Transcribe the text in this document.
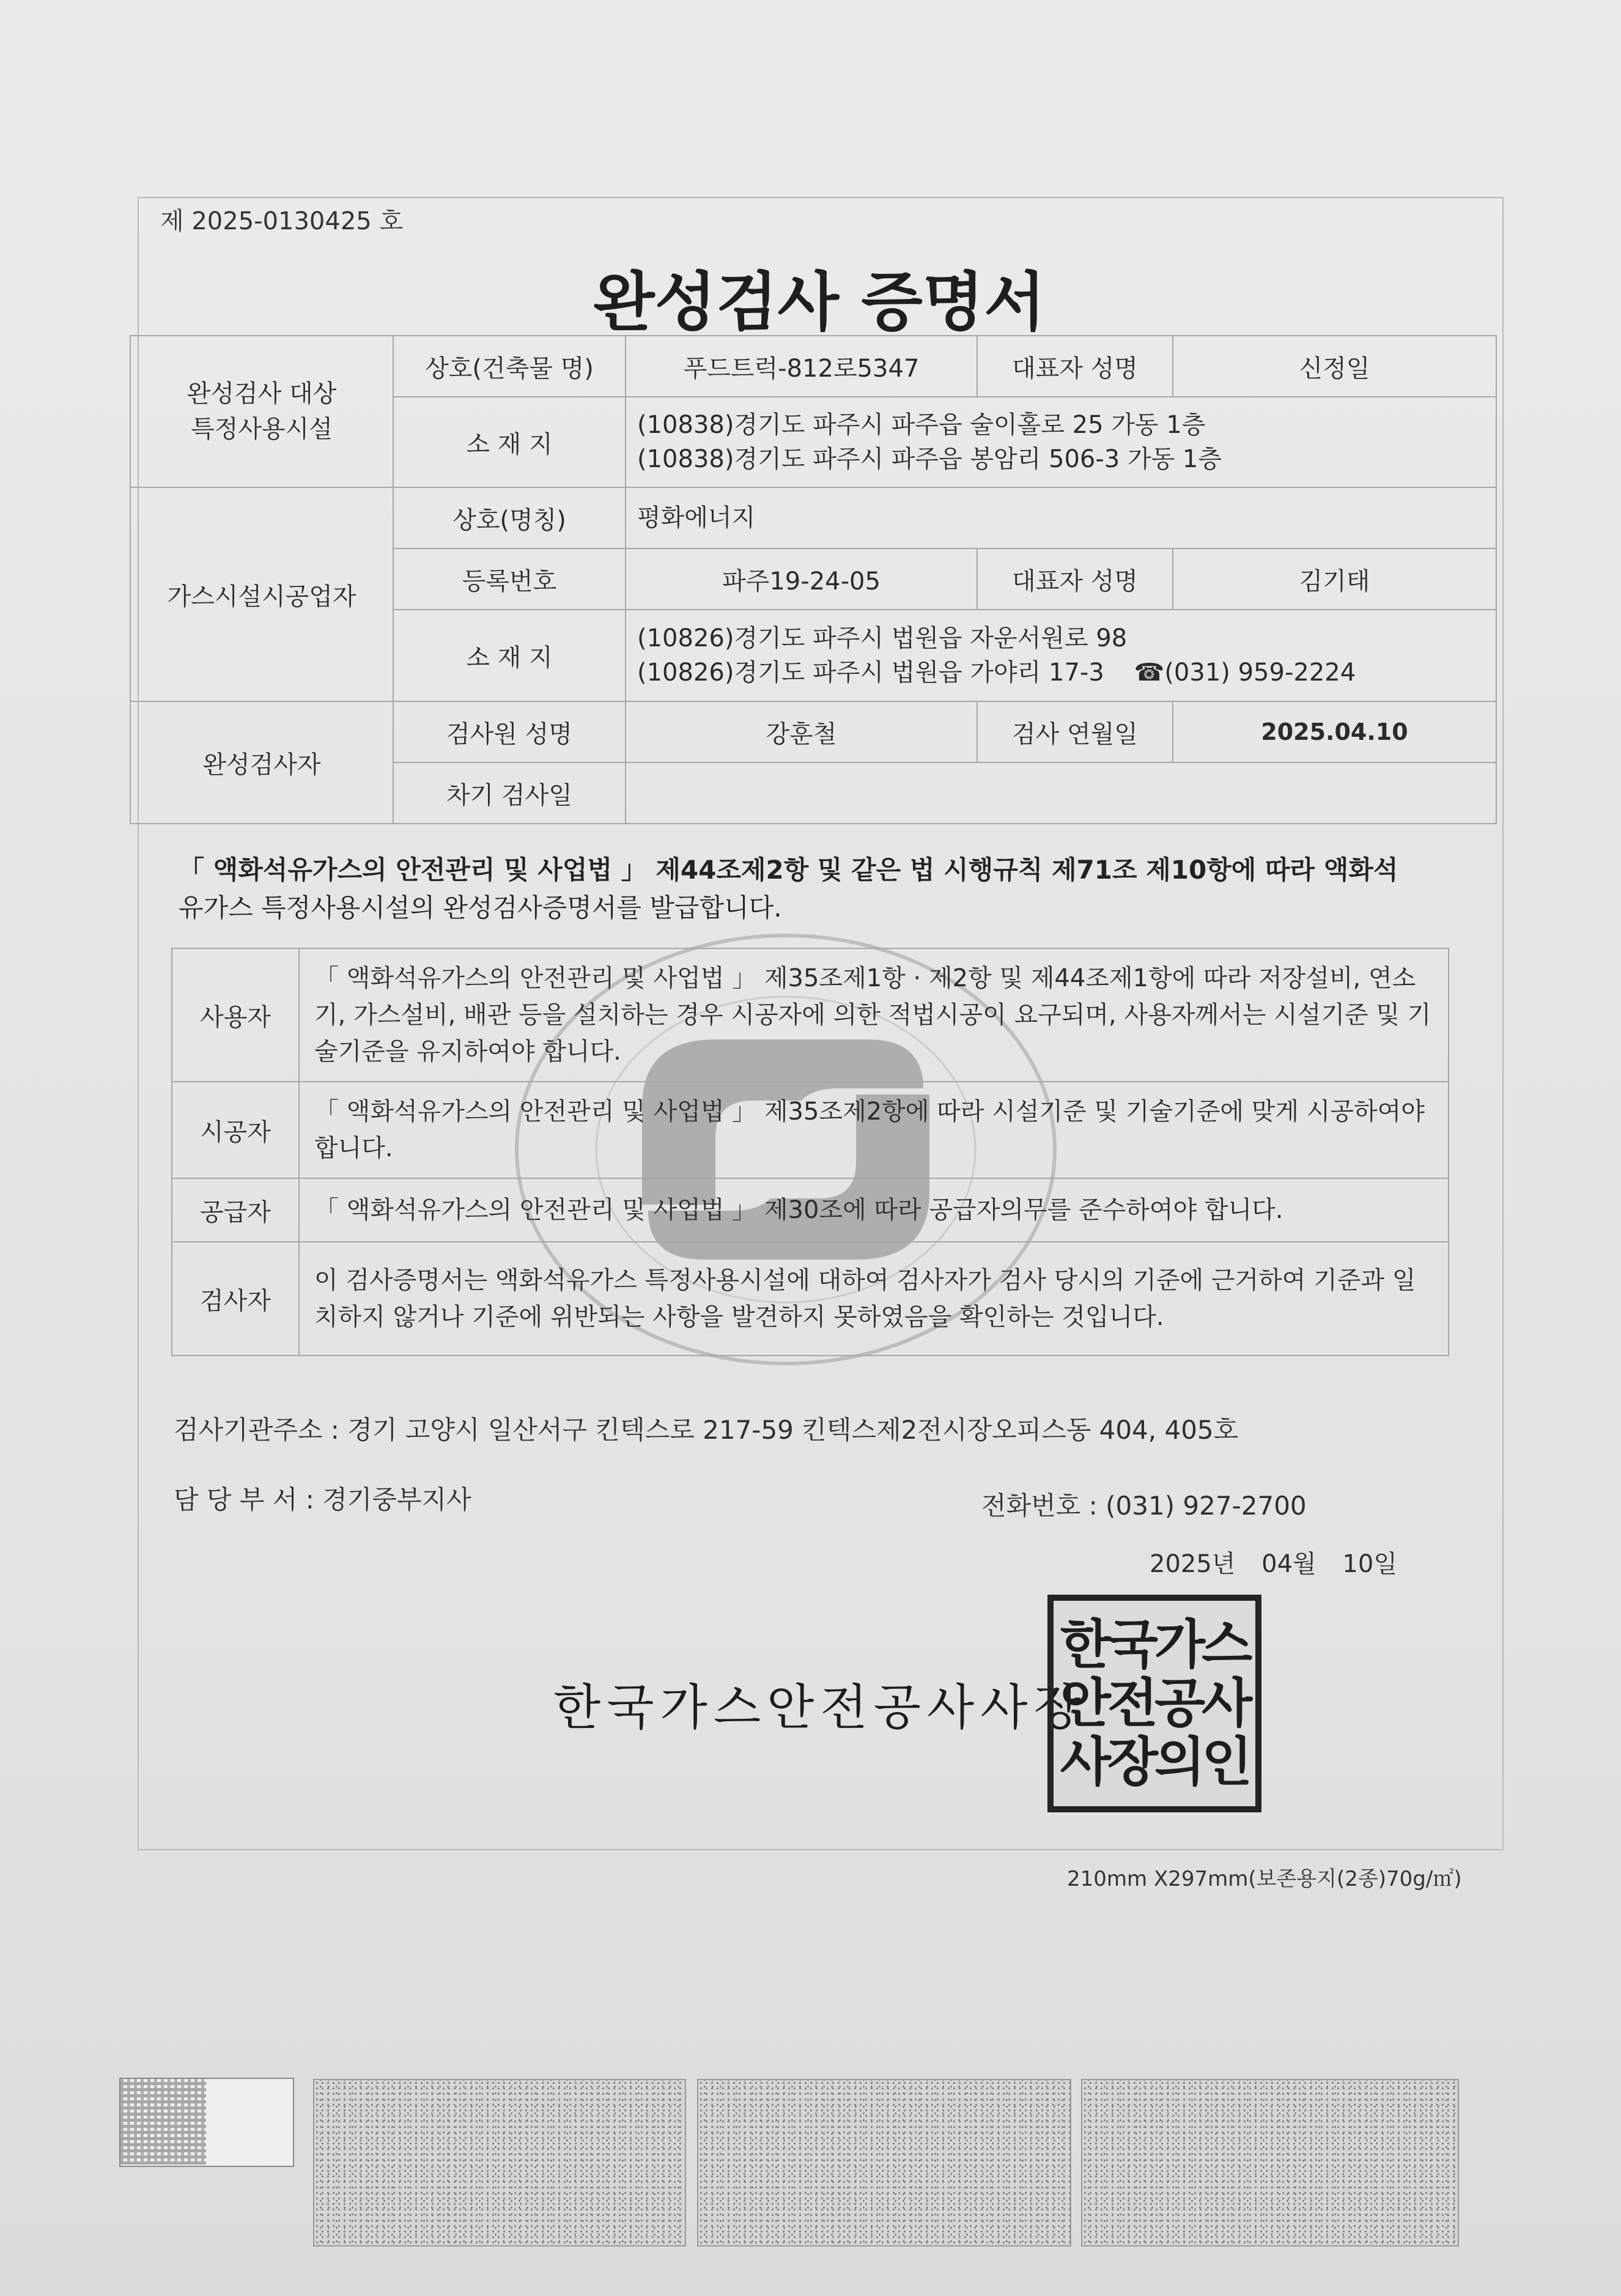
제 2025-0130425 호
완성검사 증명서
완성검사 대상
특정사용시설	상호(건축물 명)	푸드트럭-812로5347	대표자 성명	신정일
	소 재 지	(10838)경기도 파주시 파주읍 술이홀로 25 가동 1층
(10838)경기도 파주시 파주읍 봉암리 506-3 가동 1층		

가스시설시공업자	상호(명칭)	평화에너지		
	등록번호	파주19-24-05	대표자 성명	김기태
	소 재 지	(10826)경기도 파주시 법원읍 자운서원로 98
(10826)경기도 파주시 법원읍 가야리 17-3 ☎(031) 959-2224		

완성검사자	검사원 성명	강훈철	검사 연월일	2025.04.10
	차기 검사일			
「 액화석유가스의 안전관리 및 사업법 」 제44조제2항 및 같은 법 시행규칙 제71조 제10항에 따라 액화석
유가스 특정사용시설의 완성검사증명서를 발급합니다.
사용자	「 액화석유가스의 안전관리 및 사업법 」 제35조제1항 · 제2항 및 제44조제1항에 따라 저장설비, 연소기, 가스설비, 배관 등을 설치하는 경우 시공자에 의한 적법시공이 요구되며, 사용자께서는 시설기준 및 기술기준을 유지하여야 합니다.
시공자	「 액화석유가스의 안전관리 및 사업법 」 제35조제2항에 따라 시설기준 및 기술기준에 맞게 시공하여야 합니다.
공급자	「 액화석유가스의 안전관리 및 사업법 」 제30조에 따라 공급자의무를 준수하여야 합니다.
검사자	이 검사증명서는 액화석유가스 특정사용시설에 대하여 검사자가 검사 당시의 기준에 근거하여 기준과 일치하지 않거나 기준에 위반되는 사항을 발견하지 못하였음을 확인하는 것입니다.
검사기관주소 : 경기 고양시 일산서구 킨텍스로 217-59 킨텍스제2전시장오피스동 404, 405호
담 당 부 서 : 경기중부지사	전화번호 : (031) 927-2700
2025년 04월 10일
한국가스안전공사사장
한국가스
안전공사
사장의인
210mm X297mm(보존용지(2종)70g/㎡)
